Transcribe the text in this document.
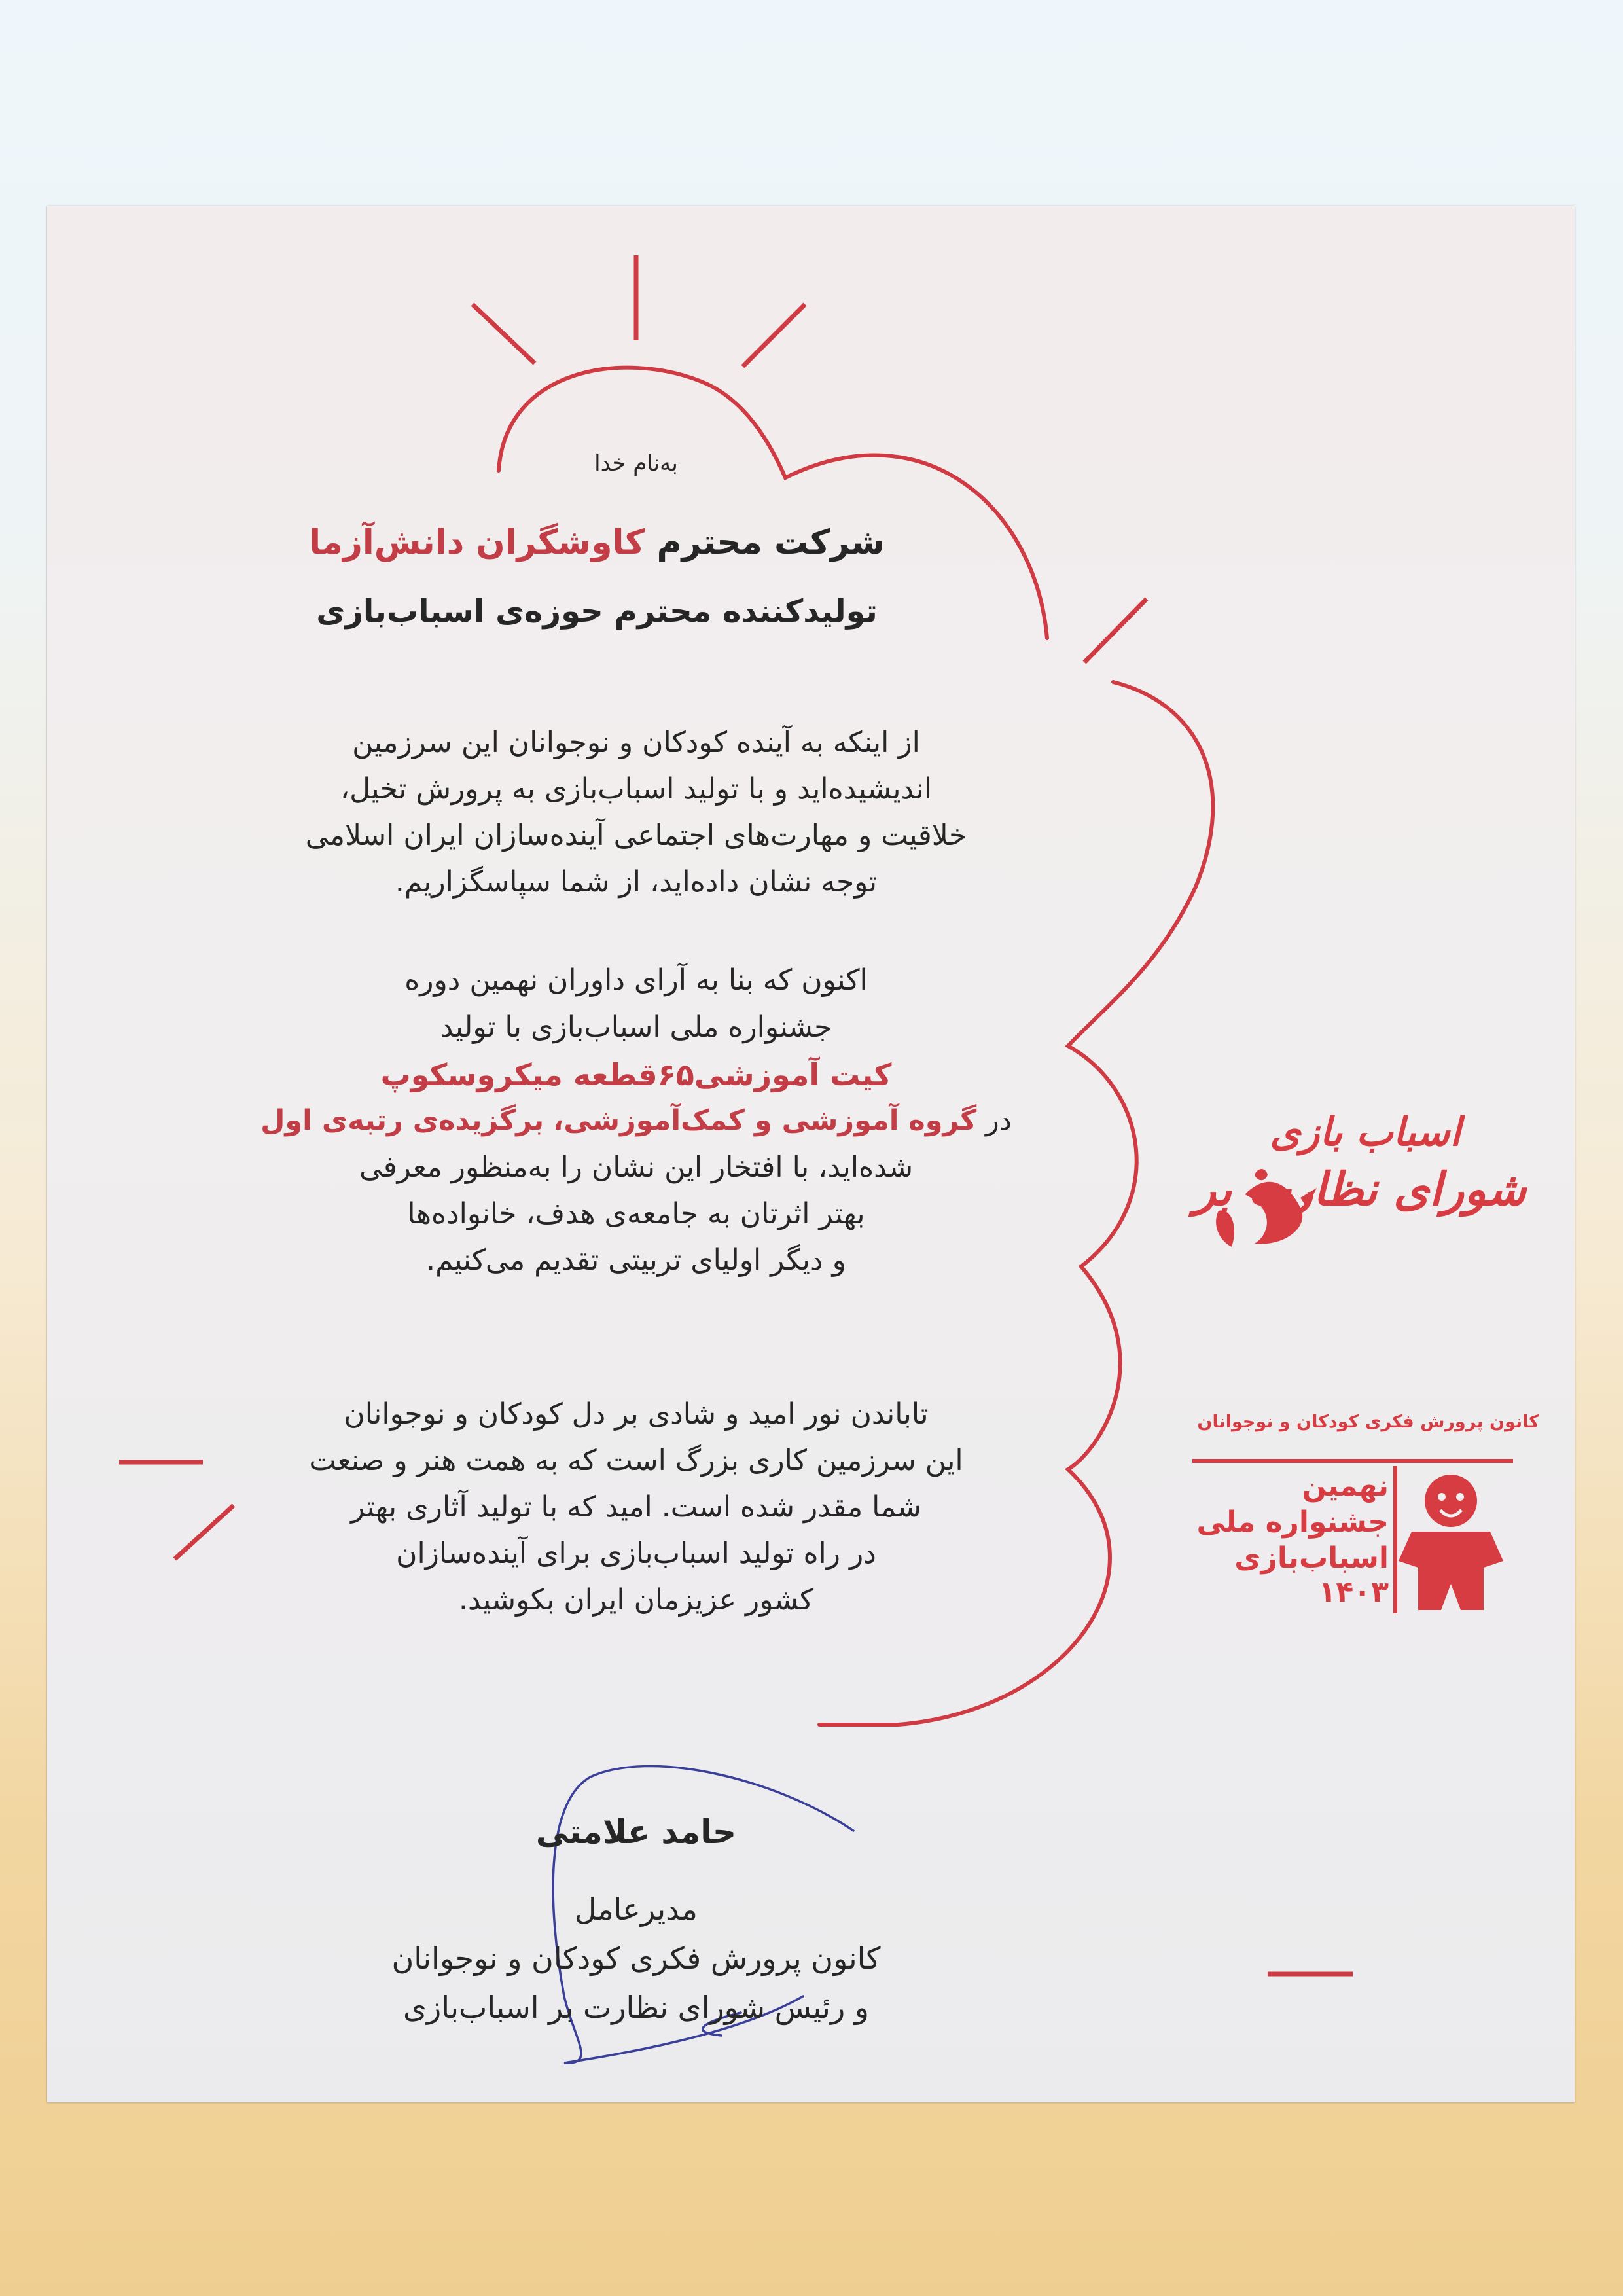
به‌نام خدا
شرکت محترم کاوشگران دانش‌آزما
تولیدکننده محترم حوزه‌ی اسباب‌بازی
از اینکه به آینده کودکان و نوجوانان این سرزمین
اندیشیده‌اید و با تولید اسباب‌بازی به پرورش تخیل،
خلاقیت و مهارت‌های اجتماعی آینده‌سازان ایران اسلامی
توجه نشان داده‌اید، از شما سپاسگزاریم.
اکنون که بنا به آرای داوران نهمین دوره
جشنواره ملی اسباب‌بازی با تولید
کیت آموزشی۶۵قطعه میکروسکوپ
در گروه آموزشی و کمک‌آموزشی، برگزیده‌ی رتبه‌ی اول
شده‌اید، با افتخار این نشان را به‌منظور معرفی
بهتر اثرتان به جامعه‌ی هدف، خانواده‌ها
و دیگر اولیای تربیتی تقدیم می‌کنیم.
تاباندن نور امید و شادی بر دل کودکان و نوجوانان
این سرزمین کاری بزرگ است که به همت هنر و صنعت
شما مقدر شده است. امید که با تولید آثاری بهتر
در راه تولید اسباب‌بازی برای آینده‌سازان
کشور عزیزمان ایران بکوشید.
حامد علامتی
مدیرعامل
کانون پرورش فکری کودکان و نوجوانان
و رئیس شورای نظارت بر اسباب‌بازی
شورای نظارت بر
اسباب بازی
کانون پرورش فکری کودکان و نوجوانان
نهمین
جشنواره ملی
اسباب‌بازی
۱۴۰۳
